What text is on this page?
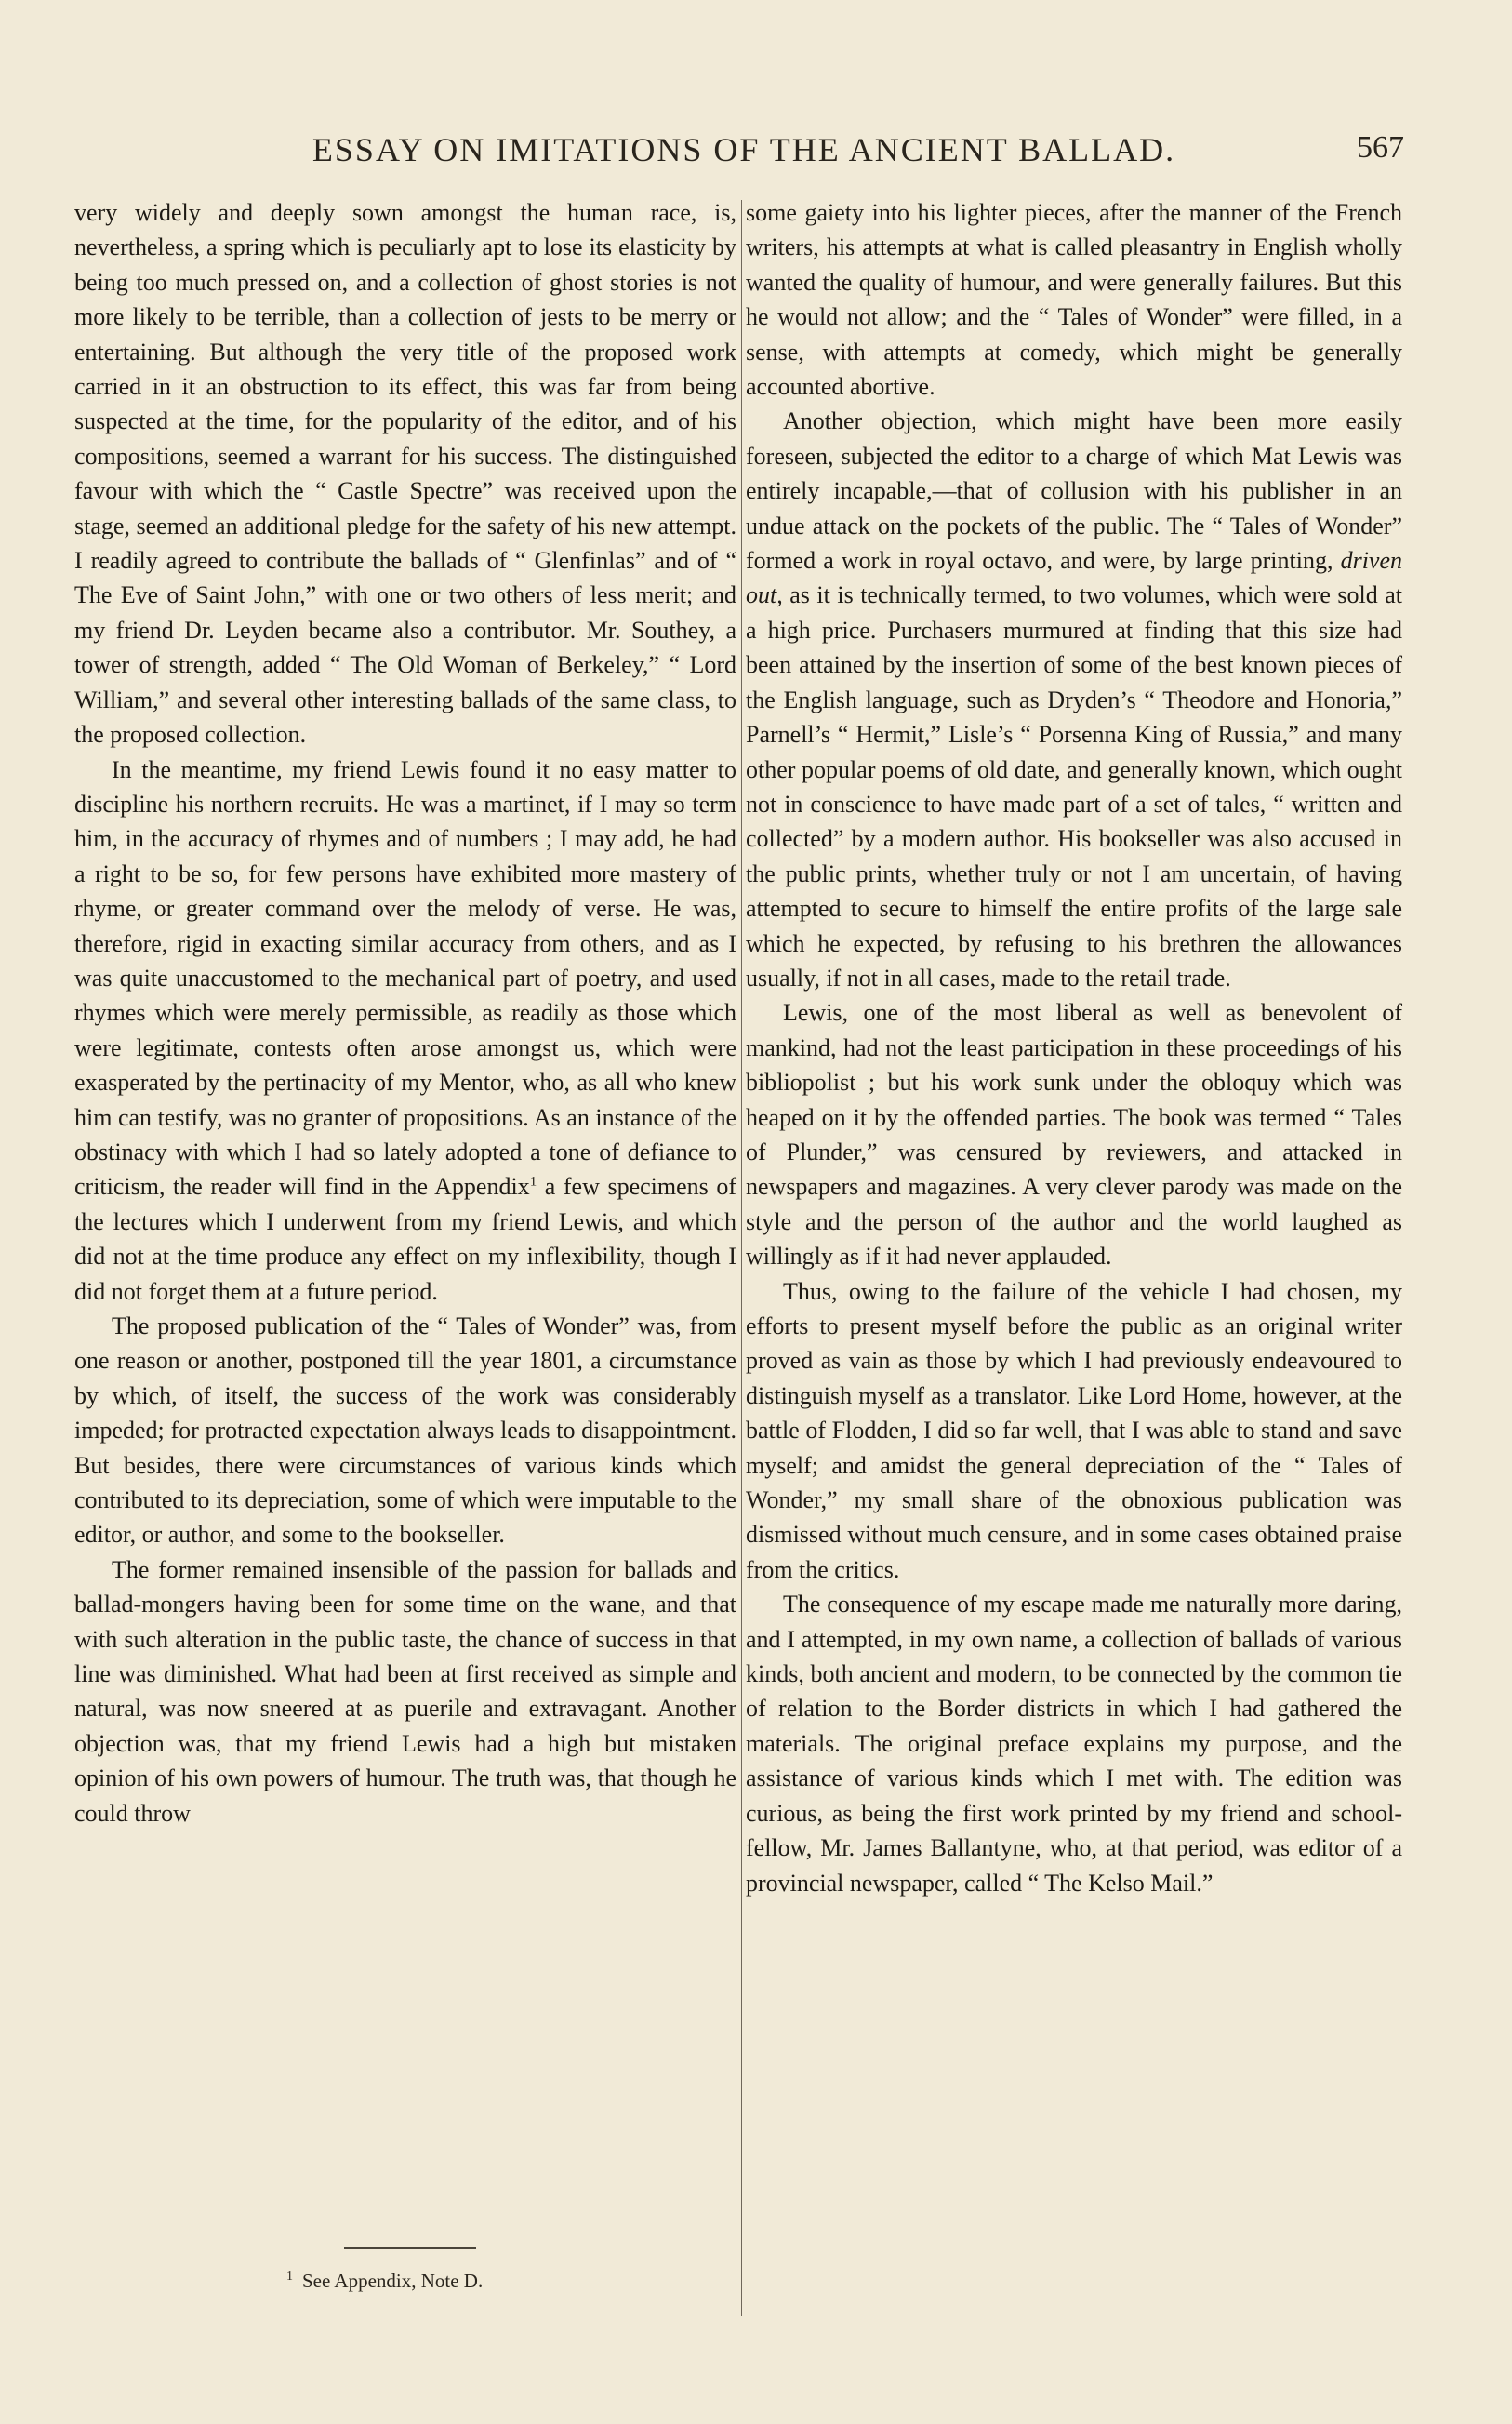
ESSAY ON IMITATIONS OF THE ANCIENT BALLAD.	567

very widely and deeply sown amongst the human race, is, nevertheless, a spring which is peculiarly apt to lose its elasticity by being too much pressed on, and a collection of ghost stories is not more likely to be terrible, than a collection of jests to be merry or entertaining. But although the very title of the proposed work carried in it an obstruction to its effect, this was far from being suspected at the time, for the popularity of the editor, and of his compositions, seemed a warrant for his success. The distinguished favour with which the “ Castle Spectre” was received upon the stage, seemed an additional pledge for the safety of his new attempt. I readily agreed to contribute the ballads of “ Glenfinlas” and of “ The Eve of Saint John,” with one or two others of less merit; and my friend Dr. Leyden became also a contributor. Mr. Southey, a tower of strength, added “ The Old Woman of Berkeley,” “ Lord William,” and several other interesting ballads of the same class, to the proposed collection.

In the meantime, my friend Lewis found it no easy matter to discipline his northern recruits. He was a martinet, if I may so term him, in the accuracy of rhymes and of numbers ; I may add, he had a right to be so, for few persons have exhibited more mastery of rhyme, or greater command over the melody of verse. He was, therefore, rigid in exacting similar accuracy from others, and as I was quite unaccustomed to the mechanical part of poetry, and used rhymes which were merely permissible, as readily as those which were legitimate, contests often arose amongst us, which were exasperated by the pertinacity of my Mentor, who, as all who knew him can testify, was no granter of propositions. As an instance of the obstinacy with which I had so lately adopted a tone of defiance to criticism, the reader will find in the Appendix$^1$ a few specimens of the lectures which I underwent from my friend Lewis, and which did not at the time produce any effect on my inflexibility, though I did not forget them at a future period.

The proposed publication of the “ Tales of Wonder” was, from one reason or another, postponed till the year 1801, a circumstance by which, of itself, the success of the work was considerably impeded; for protracted expectation always leads to disappointment. But besides, there were circumstances of various kinds which contributed to its depreciation, some of which were imputable to the editor, or author, and some to the bookseller.

The former remained insensible of the passion for ballads and ballad-mongers having been for some time on the wane, and that with such alteration in the public taste, the chance of success in that line was diminished. What had been at first received as simple and natural, was now sneered at as puerile and extravagant. Another objection was, that my friend Lewis had a high but mistaken opinion of his own powers of humour. The truth was, that though he could throw

some gaiety into his lighter pieces, after the manner of the French writers, his attempts at what is called pleasantry in English wholly wanted the quality of humour, and were generally failures. But this he would not allow; and the “ Tales of Wonder” were filled, in a sense, with attempts at comedy, which might be generally accounted abortive.

Another objection, which might have been more easily foreseen, subjected the editor to a charge of which Mat Lewis was entirely incapable,—that of collusion with his publisher in an undue attack on the pockets of the public. The “ Tales of Wonder” formed a work in royal octavo, and were, by large printing, driven out, as it is technically termed, to two volumes, which were sold at a high price. Purchasers murmured at finding that this size had been attained by the insertion of some of the best known pieces of the English language, such as Dryden’s “ Theodore and Honoria,” Parnell’s “ Hermit,” Lisle’s “ Porsenna King of Russia,” and many other popular poems of old date, and generally known, which ought not in conscience to have made part of a set of tales, “ written and collected” by a modern author. His bookseller was also accused in the public prints, whether truly or not I am uncertain, of having attempted to secure to himself the entire profits of the large sale which he expected, by refusing to his brethren the allowances usually, if not in all cases, made to the retail trade.

Lewis, one of the most liberal as well as benevolent of mankind, had not the least participation in these proceedings of his bibliopolist ; but his work sunk under the obloquy which was heaped on it by the offended parties. The book was termed “ Tales of Plunder,” was censured by reviewers, and attacked in newspapers and magazines. A very clever parody was made on the style and the person of the author and the world laughed as willingly as if it had never applauded.

Thus, owing to the failure of the vehicle I had chosen, my efforts to present myself before the public as an original writer proved as vain as those by which I had previously endeavoured to distinguish myself as a translator. Like Lord Home, however, at the battle of Flodden, I did so far well, that I was able to stand and save myself; and amidst the general depreciation of the “ Tales of Wonder,” my small share of the obnoxious publication was dismissed without much censure, and in some cases obtained praise from the critics.

The consequence of my escape made me naturally more daring, and I attempted, in my own name, a collection of ballads of various kinds, both ancient and modern, to be connected by the common tie of relation to the Border districts in which I had gathered the materials. The original preface explains my purpose, and the assistance of various kinds which I met with. The edition was curious, as being the first work printed by my friend and school-fellow, Mr. James Ballantyne, who, at that period, was editor of a provincial newspaper, called “ The Kelso Mail.”

$^1$ See Appendix, Note D.
